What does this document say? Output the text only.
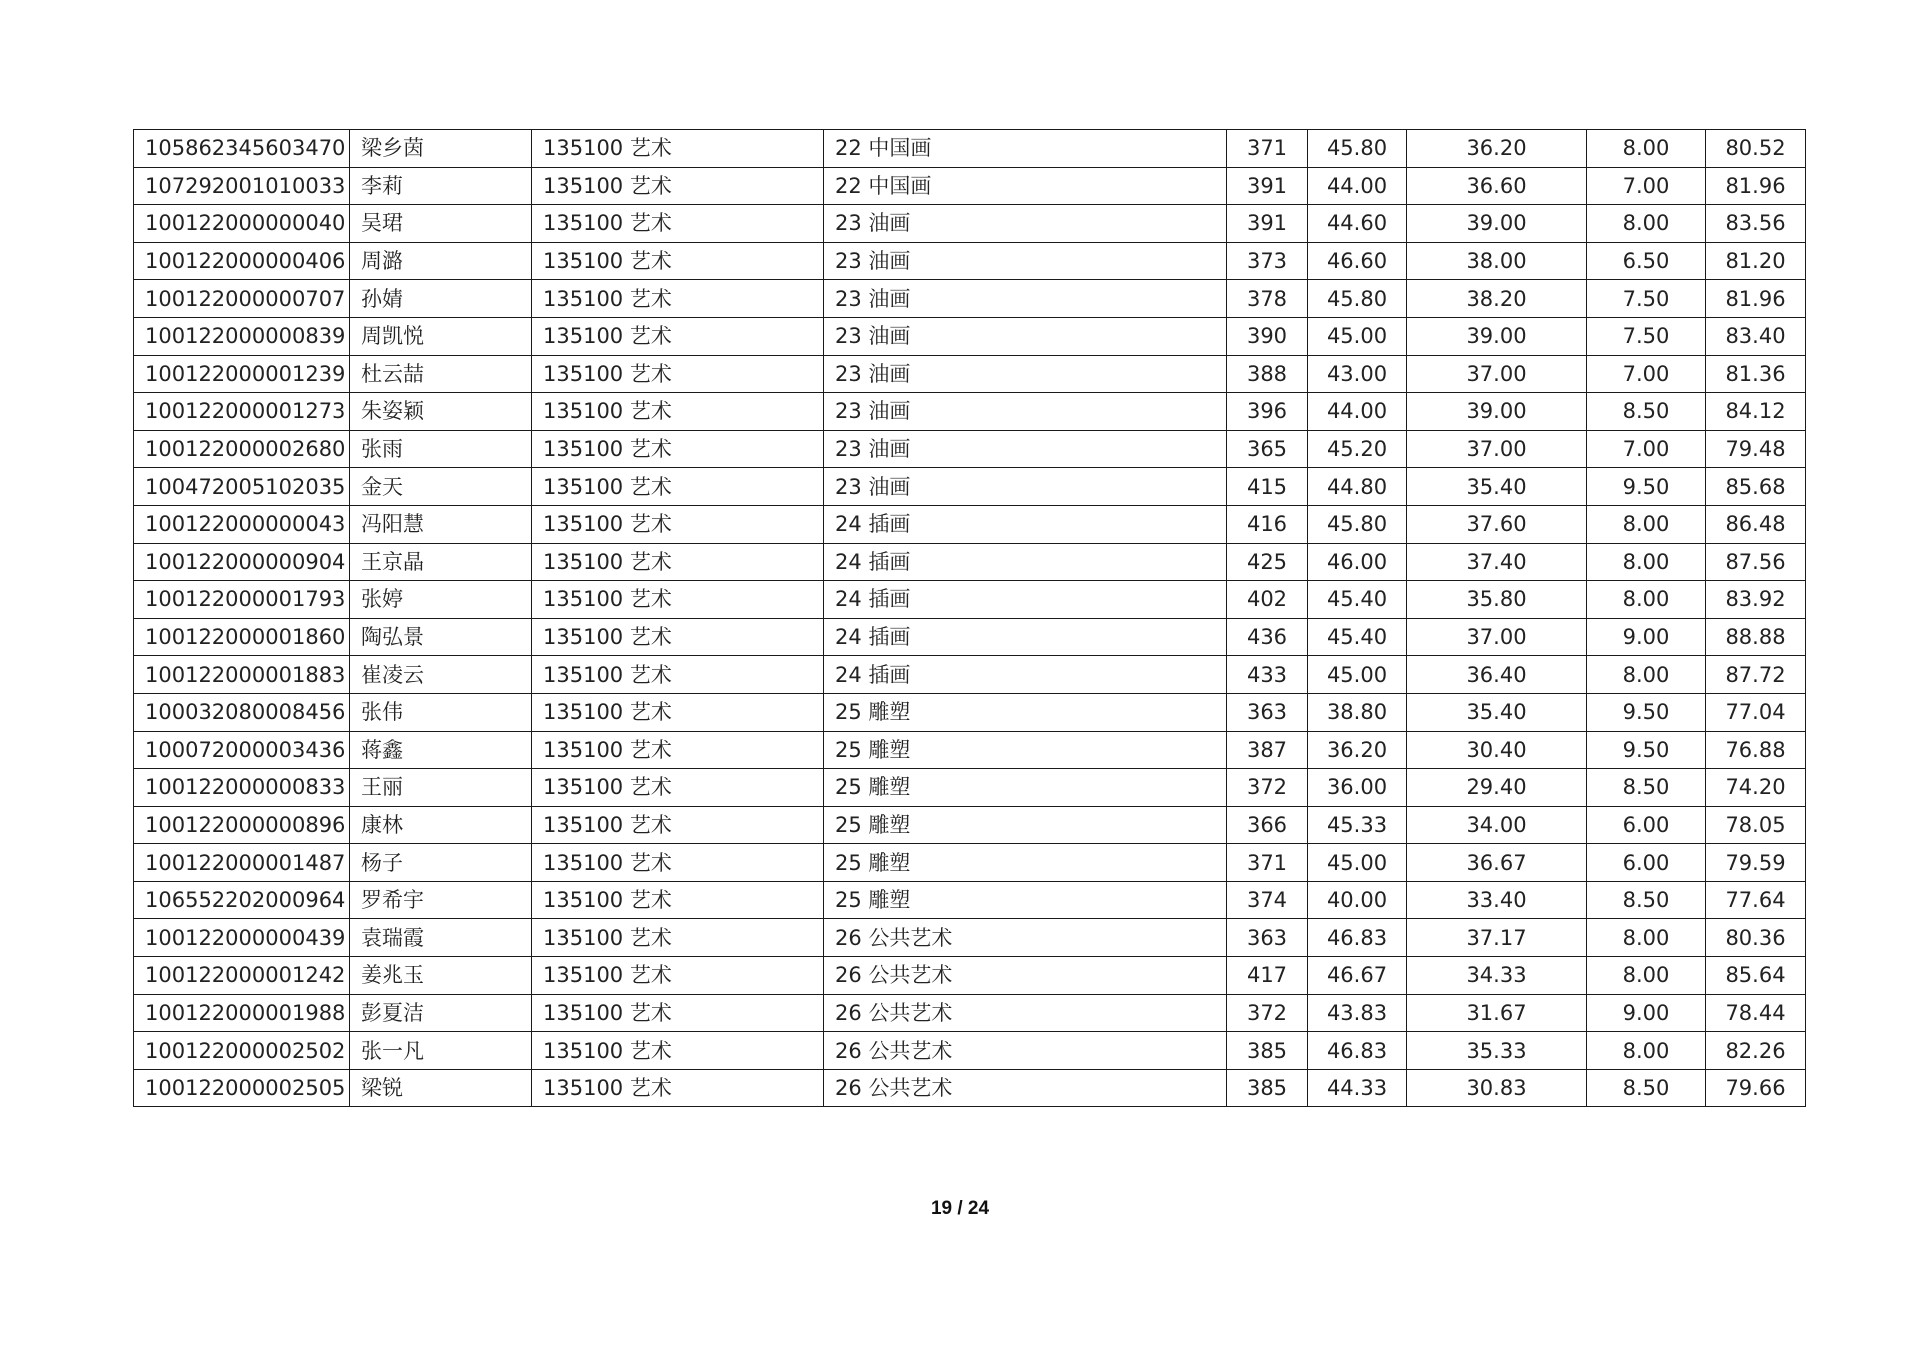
105862345603470	梁乡茵	135100 艺术	22 中国画	371	45.80	36.20	8.00	80.52
107292001010033	李莉	135100 艺术	22 中国画	391	44.00	36.60	7.00	81.96
100122000000040	吴珺	135100 艺术	23 油画	391	44.60	39.00	8.00	83.56
100122000000406	周潞	135100 艺术	23 油画	373	46.60	38.00	6.50	81.20
100122000000707	孙婧	135100 艺术	23 油画	378	45.80	38.20	7.50	81.96
100122000000839	周凯悦	135100 艺术	23 油画	390	45.00	39.00	7.50	83.40
100122000001239	杜云喆	135100 艺术	23 油画	388	43.00	37.00	7.00	81.36
100122000001273	朱姿颖	135100 艺术	23 油画	396	44.00	39.00	8.50	84.12
100122000002680	张雨	135100 艺术	23 油画	365	45.20	37.00	7.00	79.48
100472005102035	金天	135100 艺术	23 油画	415	44.80	35.40	9.50	85.68
100122000000043	冯阳慧	135100 艺术	24 插画	416	45.80	37.60	8.00	86.48
100122000000904	王京晶	135100 艺术	24 插画	425	46.00	37.40	8.00	87.56
100122000001793	张婷	135100 艺术	24 插画	402	45.40	35.80	8.00	83.92
100122000001860	陶弘景	135100 艺术	24 插画	436	45.40	37.00	9.00	88.88
100122000001883	崔凌云	135100 艺术	24 插画	433	45.00	36.40	8.00	87.72
100032080008456	张伟	135100 艺术	25 雕塑	363	38.80	35.40	9.50	77.04
100072000003436	蒋鑫	135100 艺术	25 雕塑	387	36.20	30.40	9.50	76.88
100122000000833	王丽	135100 艺术	25 雕塑	372	36.00	29.40	8.50	74.20
100122000000896	康林	135100 艺术	25 雕塑	366	45.33	34.00	6.00	78.05
100122000001487	杨子	135100 艺术	25 雕塑	371	45.00	36.67	6.00	79.59
106552202000964	罗希宇	135100 艺术	25 雕塑	374	40.00	33.40	8.50	77.64
100122000000439	袁瑞霞	135100 艺术	26 公共艺术	363	46.83	37.17	8.00	80.36
100122000001242	姜兆玉	135100 艺术	26 公共艺术	417	46.67	34.33	8.00	85.64
100122000001988	彭夏洁	135100 艺术	26 公共艺术	372	43.83	31.67	9.00	78.44
100122000002502	张一凡	135100 艺术	26 公共艺术	385	46.83	35.33	8.00	82.26
100122000002505	梁锐	135100 艺术	26 公共艺术	385	44.33	30.83	8.50	79.66
19 / 24
